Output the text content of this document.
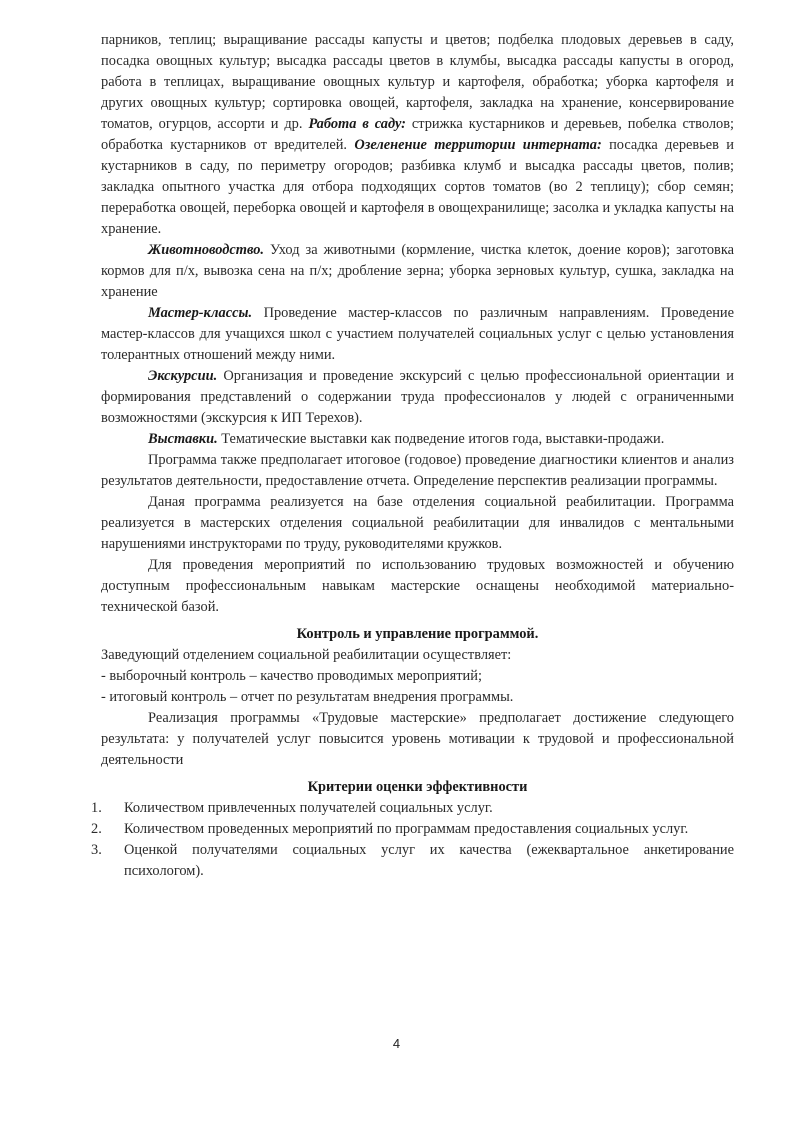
парников, теплиц; выращивание рассады капусты и цветов; подбелка плодовых деревьев в саду, посадка овощных культур; высадка рассады цветов в клумбы, высадка рассады капусты в огород, работа в теплицах, выращивание овощных культур и картофеля, обработка; уборка картофеля и других овощных культур; сортировка овощей, картофеля, закладка на хранение, консервирование томатов, огурцов, ассорти и др. Работа в саду: стрижка кустарников и деревьев, побелка стволов; обработка кустарников от вредителей. Озеленение территории интерната: посадка деревьев и кустарников в саду, по периметру огородов; разбивка клумб и высадка рассады цветов, полив; закладка опытного участка для отбора подходящих сортов томатов (во 2 теплицу); сбор семян; переработка овощей, переборка овощей и картофеля в овощехранилище; засолка и укладка капусты на хранение.

Животноводство. Уход за животными (кормление, чистка клеток, доение коров); заготовка кормов для п/х, вывозка сена на п/х; дробление зерна; уборка зерновых культур, сушка, закладка на хранение

Мастер-классы. Проведение мастер-классов по различным направлениям. Проведение мастер-классов для учащихся школ с участием получателей социальных услуг с целью установления толерантных отношений между ними.

Экскурсии. Организация и проведение экскурсий с целью профессиональной ориентации и формирования представлений о содержании труда профессионалов у людей с ограниченными возможностями (экскурсия к ИП Терехов).

Выставки. Тематические выставки как подведение итогов года, выставки-продажи.

Программа также предполагает итоговое (годовое) проведение диагностики клиентов и анализ результатов деятельности, предоставление отчета. Определение перспектив реализации программы.

Даная программа реализуется на базе отделения социальной реабилитации. Программа реализуется в мастерских отделения социальной реабилитации для инвалидов с ментальными нарушениями инструкторами по труду, руководителями кружков.

Для проведения мероприятий по использованию трудовых возможностей и обучению доступным профессиональным навыкам мастерские оснащены необходимой материально-технической базой.

Контроль и управление программой.

Заведующий отделением социальной реабилитации осуществляет:

- выборочный контроль – качество проводимых мероприятий;

- итоговый контроль – отчет по результатам внедрения программы.

Реализация программы «Трудовые мастерские» предполагает достижение следующего результата: у получателей услуг повысится уровень мотивации к трудовой и профессиональной деятельности

Критерии оценки эффективности
1.	Количеством привлеченных получателей социальных услуг.
2.	Количеством проведенных мероприятий по программам предоставления социальных услуг.
3.	Оценкой получателями социальных услуг их качества (ежеквартальное анкетирование психологом).
4
